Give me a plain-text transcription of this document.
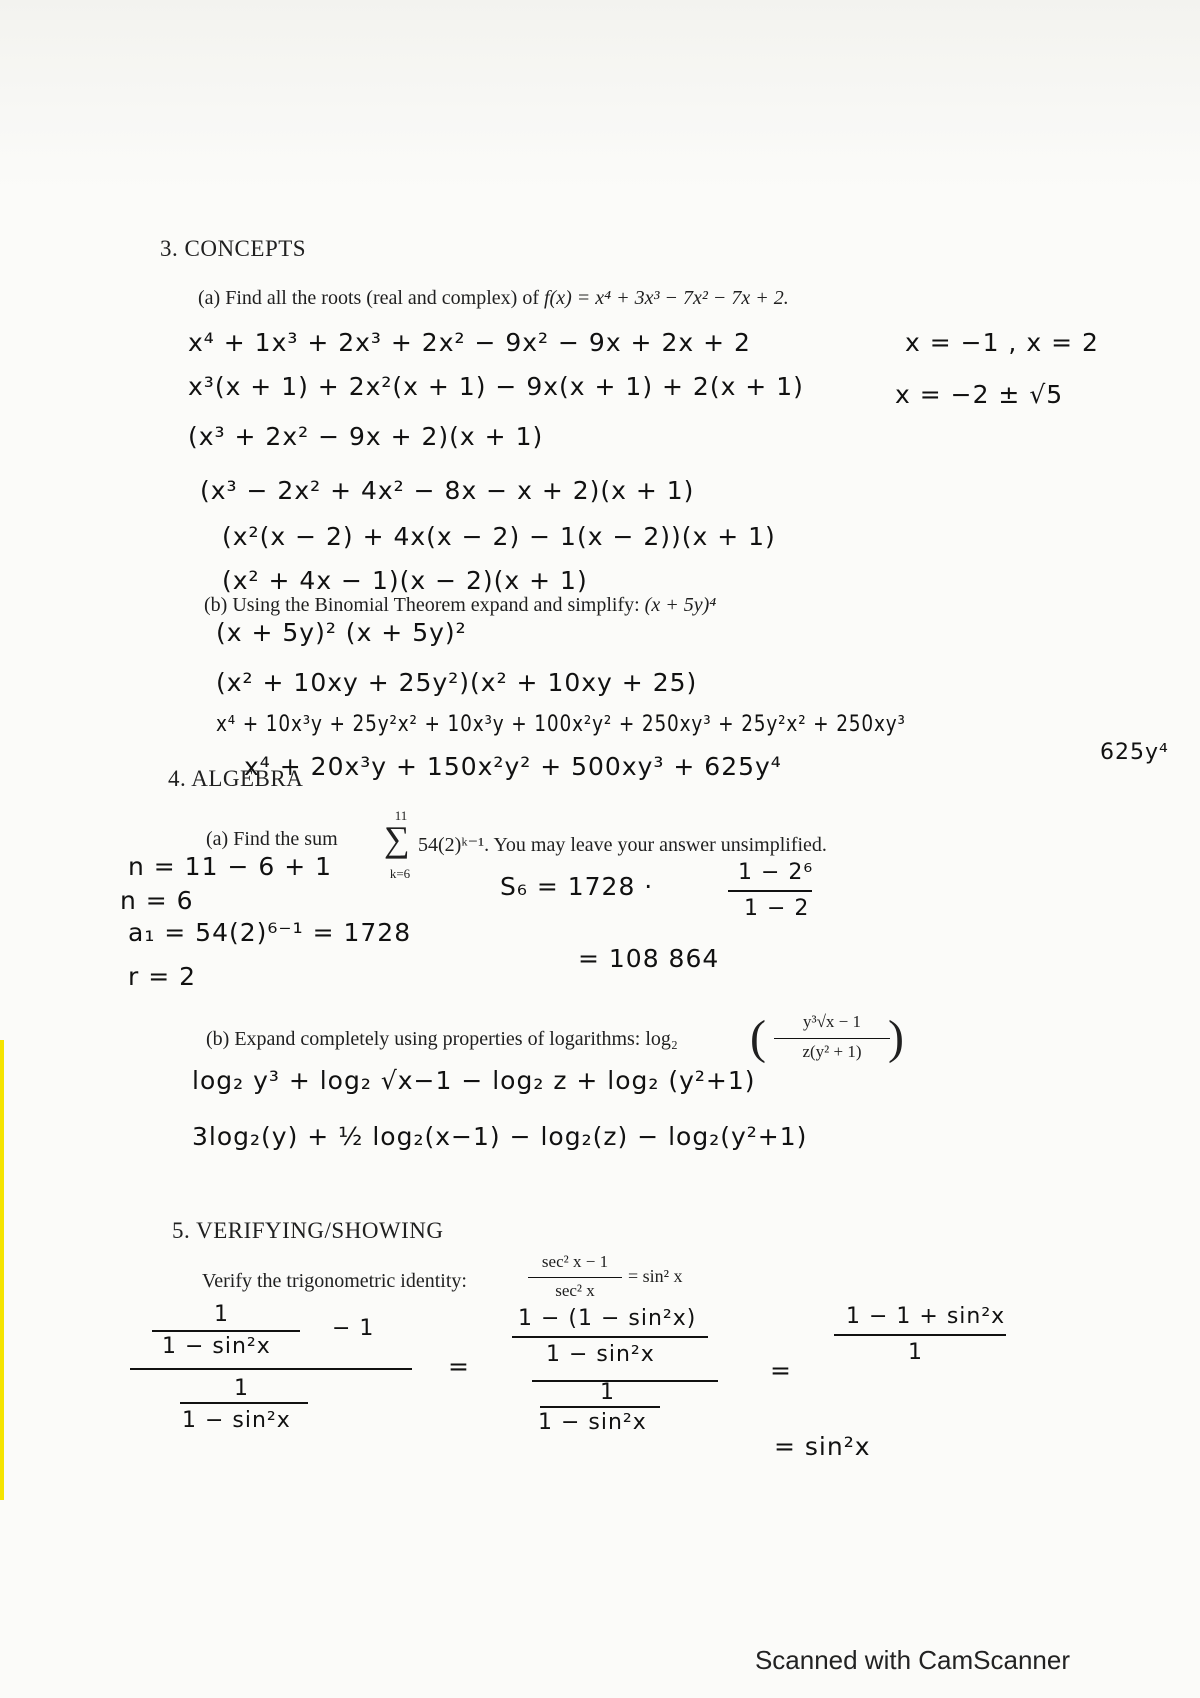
3. CONCEPTS
(a) Find all the roots (real and complex) of f(x) = x⁴ + 3x³ − 7x² − 7x + 2.
x⁴ + 1x³ + 2x³ + 2x² − 9x² − 9x + 2x + 2
x³(x + 1) + 2x²(x + 1) − 9x(x + 1) + 2(x + 1)
(x³ + 2x² − 9x + 2)(x + 1)
(x³ − 2x² + 4x² − 8x − x + 2)(x + 1)
(x²(x − 2) + 4x(x − 2) − 1(x − 2))(x + 1)
(x² + 4x − 1)(x − 2)(x + 1)
x = −1 , x = 2
x = −2 ± √5
(b) Using the Binomial Theorem expand and simplify: (x + 5y)⁴
(x + 5y)² (x + 5y)²
(x² + 10xy + 25y²)(x² + 10xy + 25)
x⁴ + 10x³y + 25y²x² + 10x³y + 100x²y² + 250xy³ + 25y²x² + 250xy³
625y⁴
x⁴ + 20x³y + 150x²y² + 500xy³ + 625y⁴
4. ALGEBRA
(a) Find the sum
11
∑
k=6
54(2)ᵏ⁻¹. You may leave your answer unsimplified.
n = 11 − 6 + 1
n = 6
a₁ = 54(2)⁶⁻¹ = 1728
r = 2
S₆ = 1728 ·	1 − 2⁶
1 − 2
= 108 864
(b) Expand completely using properties of logarithms: log₂ (	y³√x − 1
z(y² + 1) )
log₂ y³ + log₂ √x−1 − log₂ z + log₂ (y²+1)
3log₂(y) + ½ log₂(x−1) − log₂(z) − log₂(y²+1)
5. VERIFYING/SHOWING
Verify the trigonometric identity:
sec² x − 1
sec² x
= sin² x
1
1 − sin²x
− 1
1
1 − sin²x
=
1 − (1 − sin²x)
1 − sin²x
1
1 − sin²x
=
1 − 1 + sin²x
1
= sin²x
Scanned with CamScanner
